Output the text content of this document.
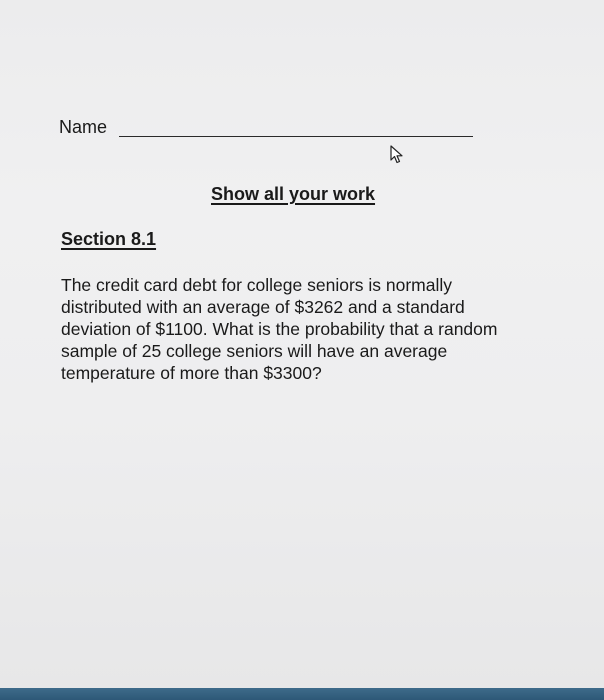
Name
Show all your work
Section 8.1
The credit card debt for college seniors is normally
distributed with an average of $3262 and a standard
deviation of $1100. What is the probability that a random
sample of 25 college seniors will have an average
temperature of more than $3300?
